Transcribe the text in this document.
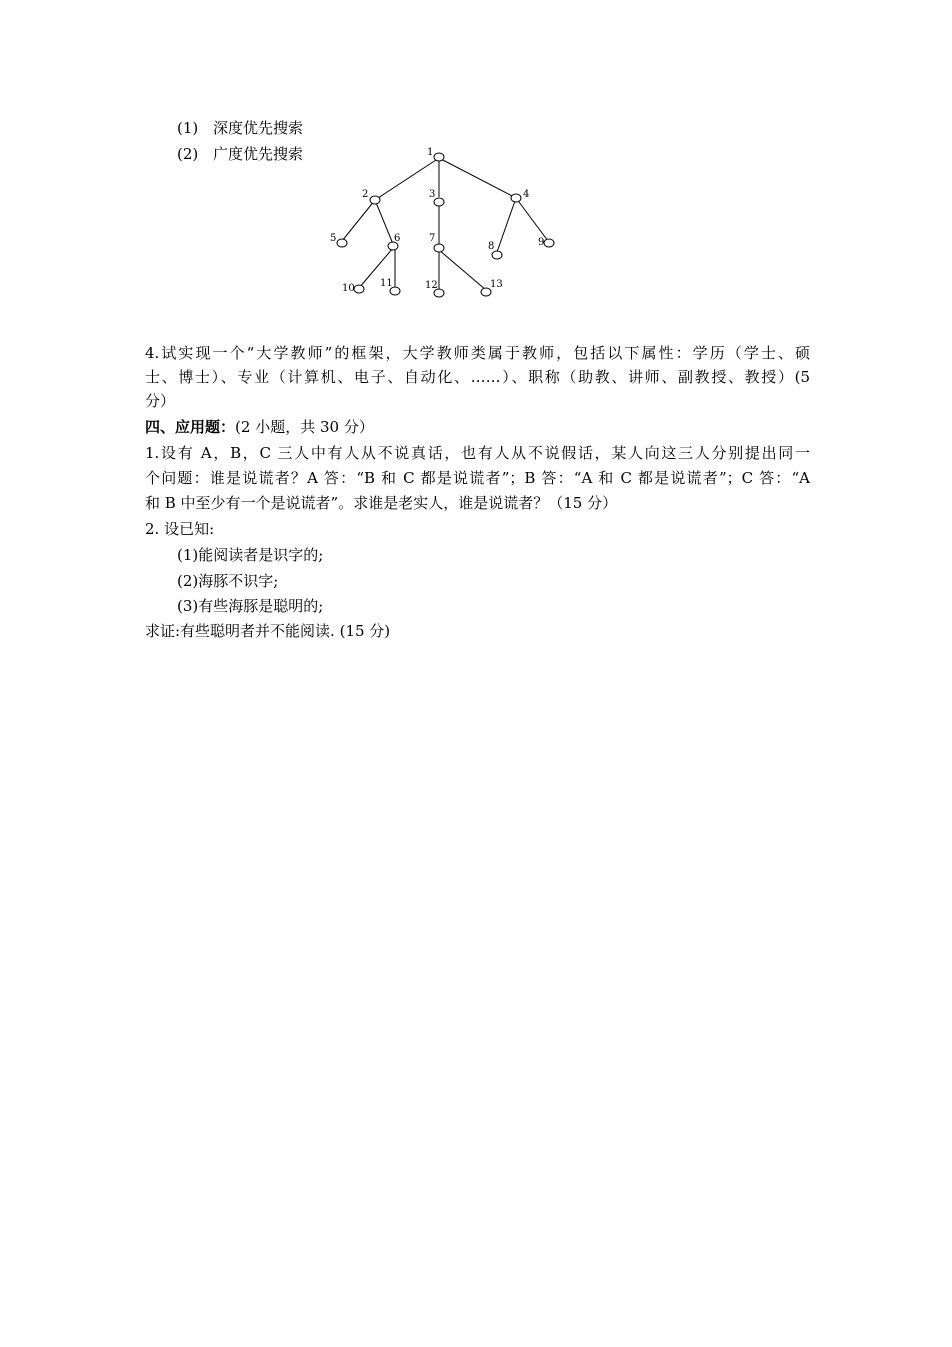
(1) 深度优先搜索
(2) 广度优先搜索	1
2	3	4
5	6	7
8	9
10	11	12	13
4.试实现一个“大学教师”的框架，大学教师类属于教师，包括以下属性：学历（学士、硕
士、博士）、专业（计算机、电子、自动化、……）、职称（助教、讲师、副教授、教授）(5
分）
四、应用题：(2 小题，共 30 分）
1.设有 A，B，C 三人中有人从不说真话，也有人从不说假话，某人向这三人分别提出同一
个问题：谁是说谎者？A 答：“B 和 C 都是说谎者”；B 答：“A 和 C 都是说谎者”；C 答：“A
和 B 中至少有一个是说谎者”。求谁是老实人，谁是说谎者？（15 分）
2. 设已知:
(1)能阅读者是识字的;
(2)海豚不识字;
(3)有些海豚是聪明的;
求证:有些聪明者并不能阅读. (15 分)
